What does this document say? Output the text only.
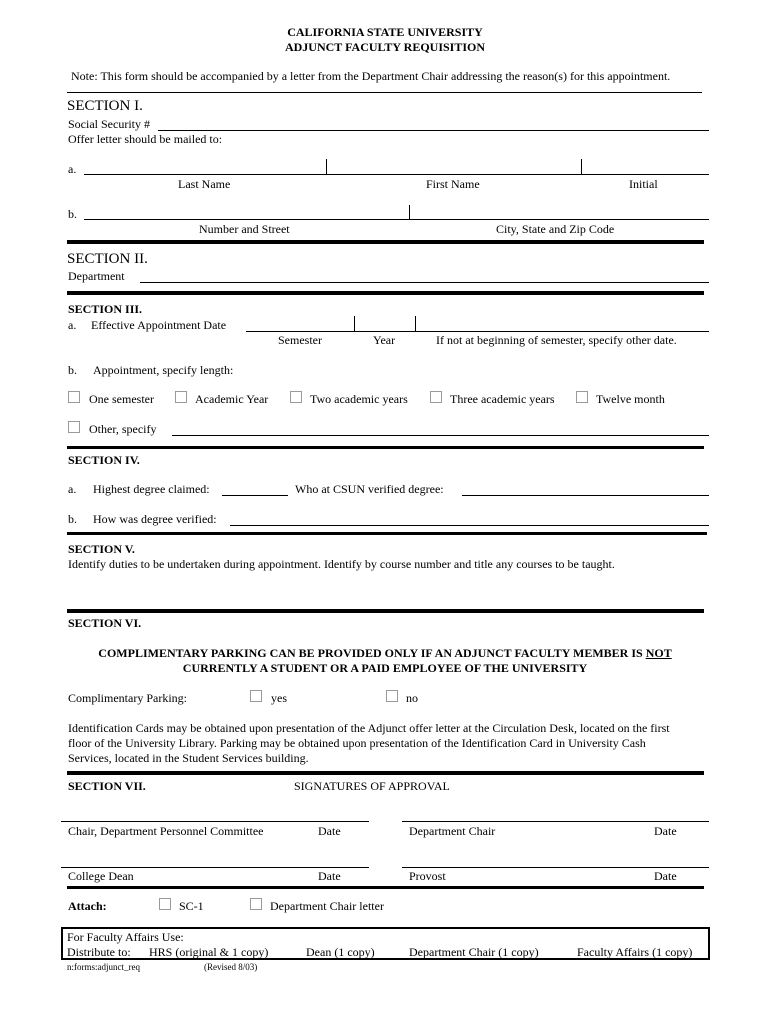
CALIFORNIA STATE UNIVERSITY
ADJUNCT FACULTY REQUISITION
Note: This form should be accompanied by a letter from the Department Chair addressing the reason(s) for this appointment.
SECTION I.
Social Security #
Offer letter should be mailed to:
a.
Last Name	First Name	Initial
b.
Number and Street	City, State and Zip Code
SECTION II.
Department
SECTION III.
a. Effective Appointment Date
Semester	Year	If not at beginning of semester, specify other date.
b. Appointment, specify length:
One semester	Academic Year	Two academic years	Three academic years	Twelve month
Other, specify
SECTION IV.
a. Highest degree claimed:	Who at CSUN verified degree:
b. How was degree verified:
SECTION V.
Identify duties to be undertaken during appointment. Identify by course number and title any courses to be taught.
SECTION VI.
COMPLIMENTARY PARKING CAN BE PROVIDED ONLY IF AN ADJUNCT FACULTY MEMBER IS NOT
CURRENTLY A STUDENT OR A PAID EMPLOYEE OF THE UNIVERSITY
Complimentary Parking:	yes	no
Identification Cards may be obtained upon presentation of the Adjunct offer letter at the Circulation Desk, located on the first
floor of the University Library. Parking may be obtained upon presentation of the Identification Card in University Cash
Services, located in the Student Services building.
SECTION VII.	SIGNATURES OF APPROVAL
Chair, Department Personnel Committee	Date	Department Chair	Date
College Dean	Date	Provost	Date
Attach:	SC-1	Department Chair letter
For Faculty Affairs Use:
Distribute to: HRS (original & 1 copy)	Dean (1 copy)	Department Chair (1 copy)	Faculty Affairs (1 copy)
n:forms:adjunct_req	(Revised 8/03)
